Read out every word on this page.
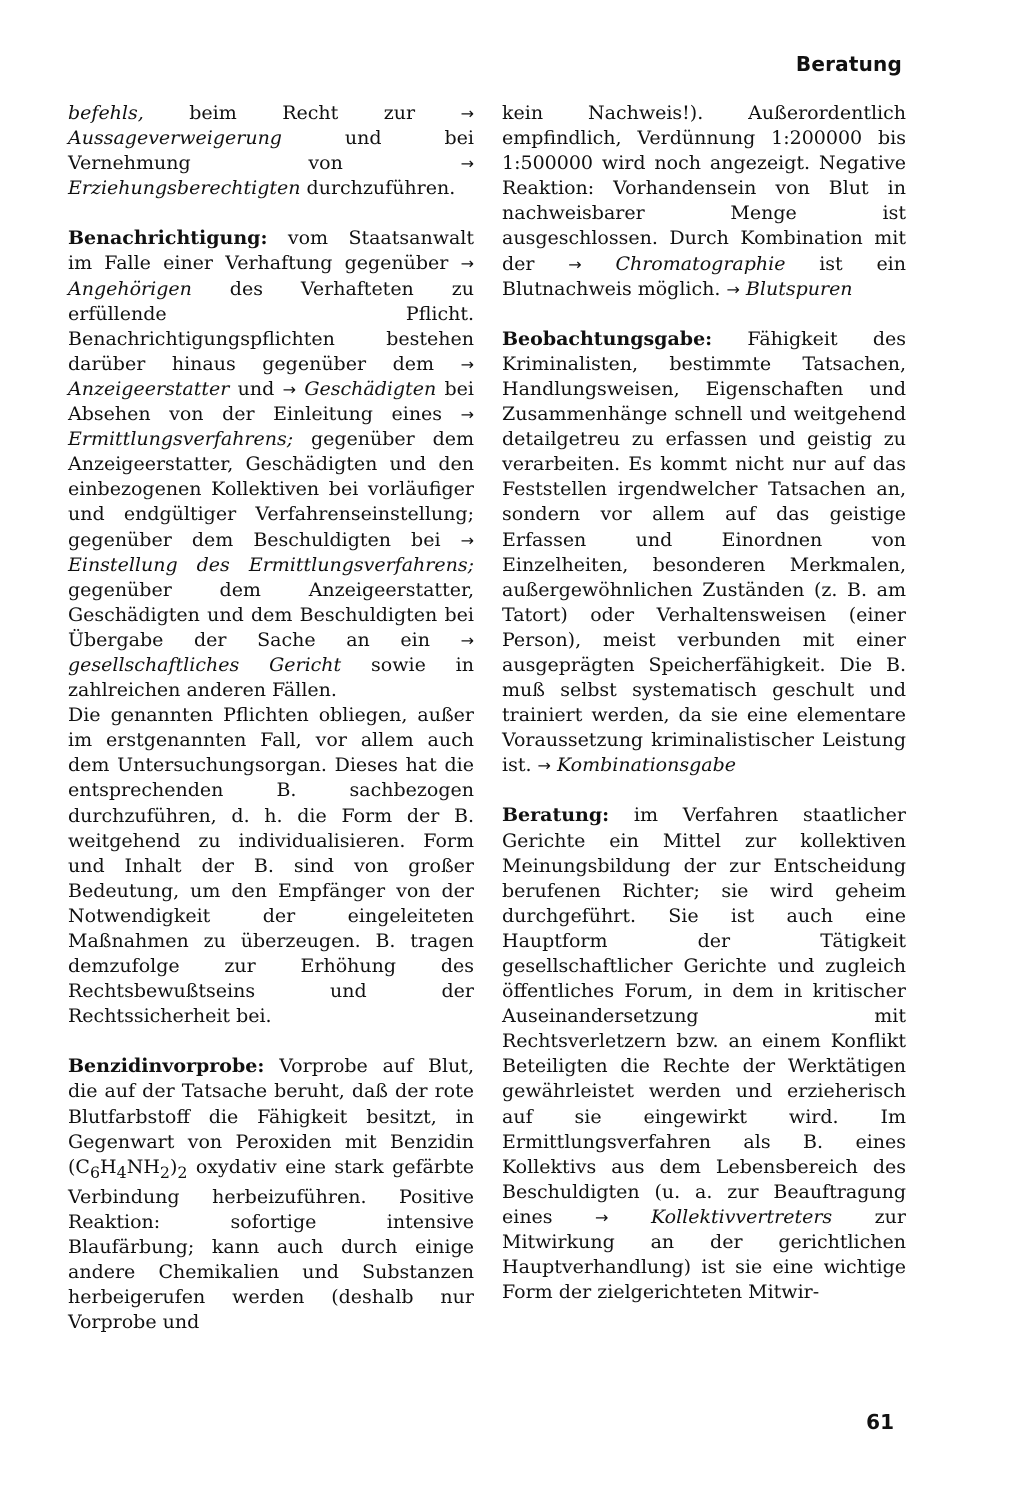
Beratung

befehls, beim Recht zur → Aussageverweigerung und bei Vernehmung von → Erziehungsberechtigten durchzuführen.

Benachrichtigung: vom Staatsanwalt im Falle einer Verhaftung gegenüber → Angehörigen des Verhafteten zu erfüllende Pflicht. Benachrichtigungspflichten bestehen darüber hinaus gegenüber dem → Anzeigeerstatter und → Geschädigten bei Absehen von der Einleitung eines → Ermittlungsverfahrens; gegenüber dem Anzeigeerstatter, Geschädigten und den einbezogenen Kollektiven bei vorläufiger und endgültiger Verfahrenseinstellung; gegenüber dem Beschuldigten bei → Einstellung des Ermittlungsverfahrens; gegenüber dem Anzeigeerstatter, Geschädigten und dem Beschuldigten bei Übergabe der Sache an ein → gesellschaftliches Gericht sowie in zahlreichen anderen Fällen.

Die genannten Pflichten obliegen, außer im erstgenannten Fall, vor allem auch dem Untersuchungsorgan. Dieses hat die entsprechenden B. sachbezogen durchzuführen, d. h. die Form der B. weitgehend zu individualisieren. Form und Inhalt der B. sind von großer Bedeutung, um den Empfänger von der Notwendigkeit der eingeleiteten Maßnahmen zu überzeugen. B. tragen demzufolge zur Erhöhung des Rechtsbewußtseins und der Rechtssicherheit bei.

Benzidinvorprobe: Vorprobe auf Blut, die auf der Tatsache beruht, daß der rote Blutfarbstoff die Fähigkeit besitzt, in Gegenwart von Peroxiden mit Benzidin $(C_6H_4NH_2)_2$ oxydativ eine stark gefärbte Verbindung herbeizuführen. Positive Reaktion: sofortige intensive Blaufärbung; kann auch durch einige andere Chemikalien und Substanzen herbeigerufen werden (deshalb nur Vorprobe und

kein Nachweis!). Außerordentlich empfindlich, Verdünnung 1:200000 bis 1:500000 wird noch angezeigt. Negative Reaktion: Vorhandensein von Blut in nachweisbarer Menge ist ausgeschlossen. Durch Kombination mit der → Chromatographie ist ein Blutnachweis möglich. → Blutspuren

Beobachtungsgabe: Fähigkeit des Kriminalisten, bestimmte Tatsachen, Handlungsweisen, Eigenschaften und Zusammenhänge schnell und weitgehend detailgetreu zu erfassen und geistig zu verarbeiten. Es kommt nicht nur auf das Feststellen irgendwelcher Tatsachen an, sondern vor allem auf das geistige Erfassen und Einordnen von Einzelheiten, besonderen Merkmalen, außergewöhnlichen Zuständen (z. B. am Tatort) oder Verhaltensweisen (einer Person), meist verbunden mit einer ausgeprägten Speicherfähigkeit. Die B. muß selbst systematisch geschult und trainiert werden, da sie eine elementare Voraussetzung kriminalistischer Leistung ist. → Kombinationsgabe

Beratung: im Verfahren staatlicher Gerichte ein Mittel zur kollektiven Meinungsbildung der zur Entscheidung berufenen Richter; sie wird geheim durchgeführt. Sie ist auch eine Hauptform der Tätigkeit gesellschaftlicher Gerichte und zugleich öffentliches Forum, in dem in kritischer Auseinandersetzung mit Rechtsverletzern bzw. an einem Konflikt Beteiligten die Rechte der Werktätigen gewährleistet werden und erzieherisch auf sie eingewirkt wird. Im Ermittlungsverfahren als B. eines Kollektivs aus dem Lebensbereich des Beschuldigten (u. a. zur Beauftragung eines → Kollektivvertreters zur Mitwirkung an der gerichtlichen Hauptverhandlung) ist sie eine wichtige Form der zielgerichteten Mitwir-

61
